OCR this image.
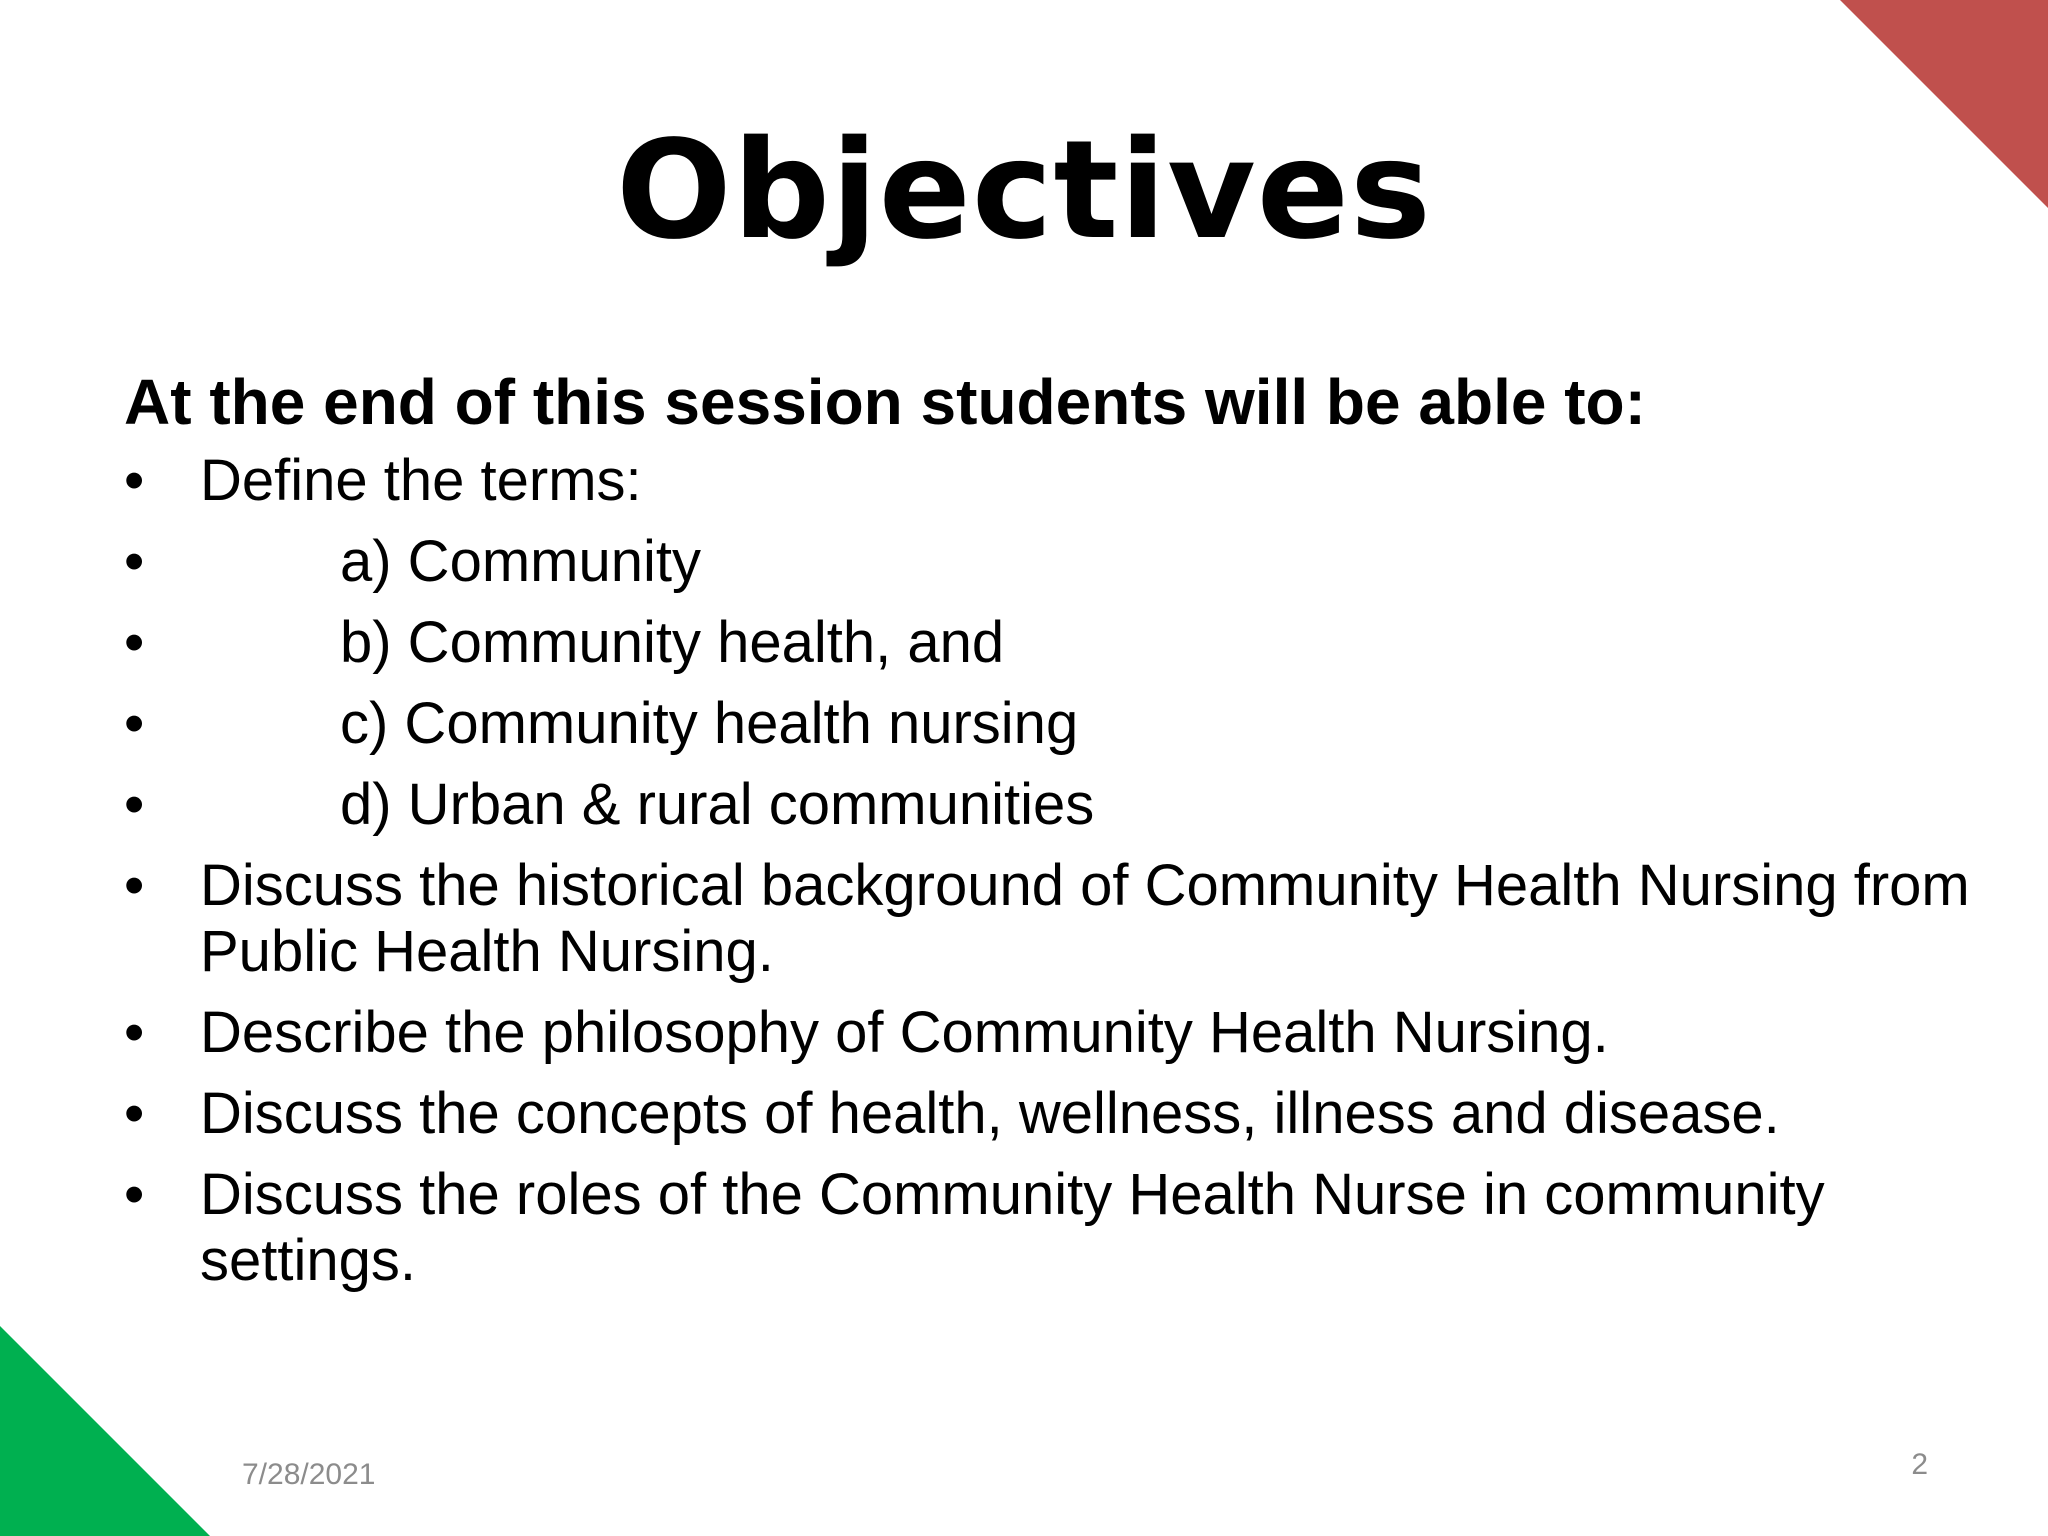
Objectives

At the end of this session students will be able to:

• Define the terms:
•	a) Community
•	b) Community health, and
•	c) Community health nursing
•	d) Urban & rural communities
• Discuss the historical background of Community Health Nursing from Public Health Nursing.
• Describe the philosophy of Community Health Nursing.
• Discuss the concepts of health, wellness, illness and disease.
• Discuss the roles of the Community Health Nurse in community settings.
7/28/2021	2
